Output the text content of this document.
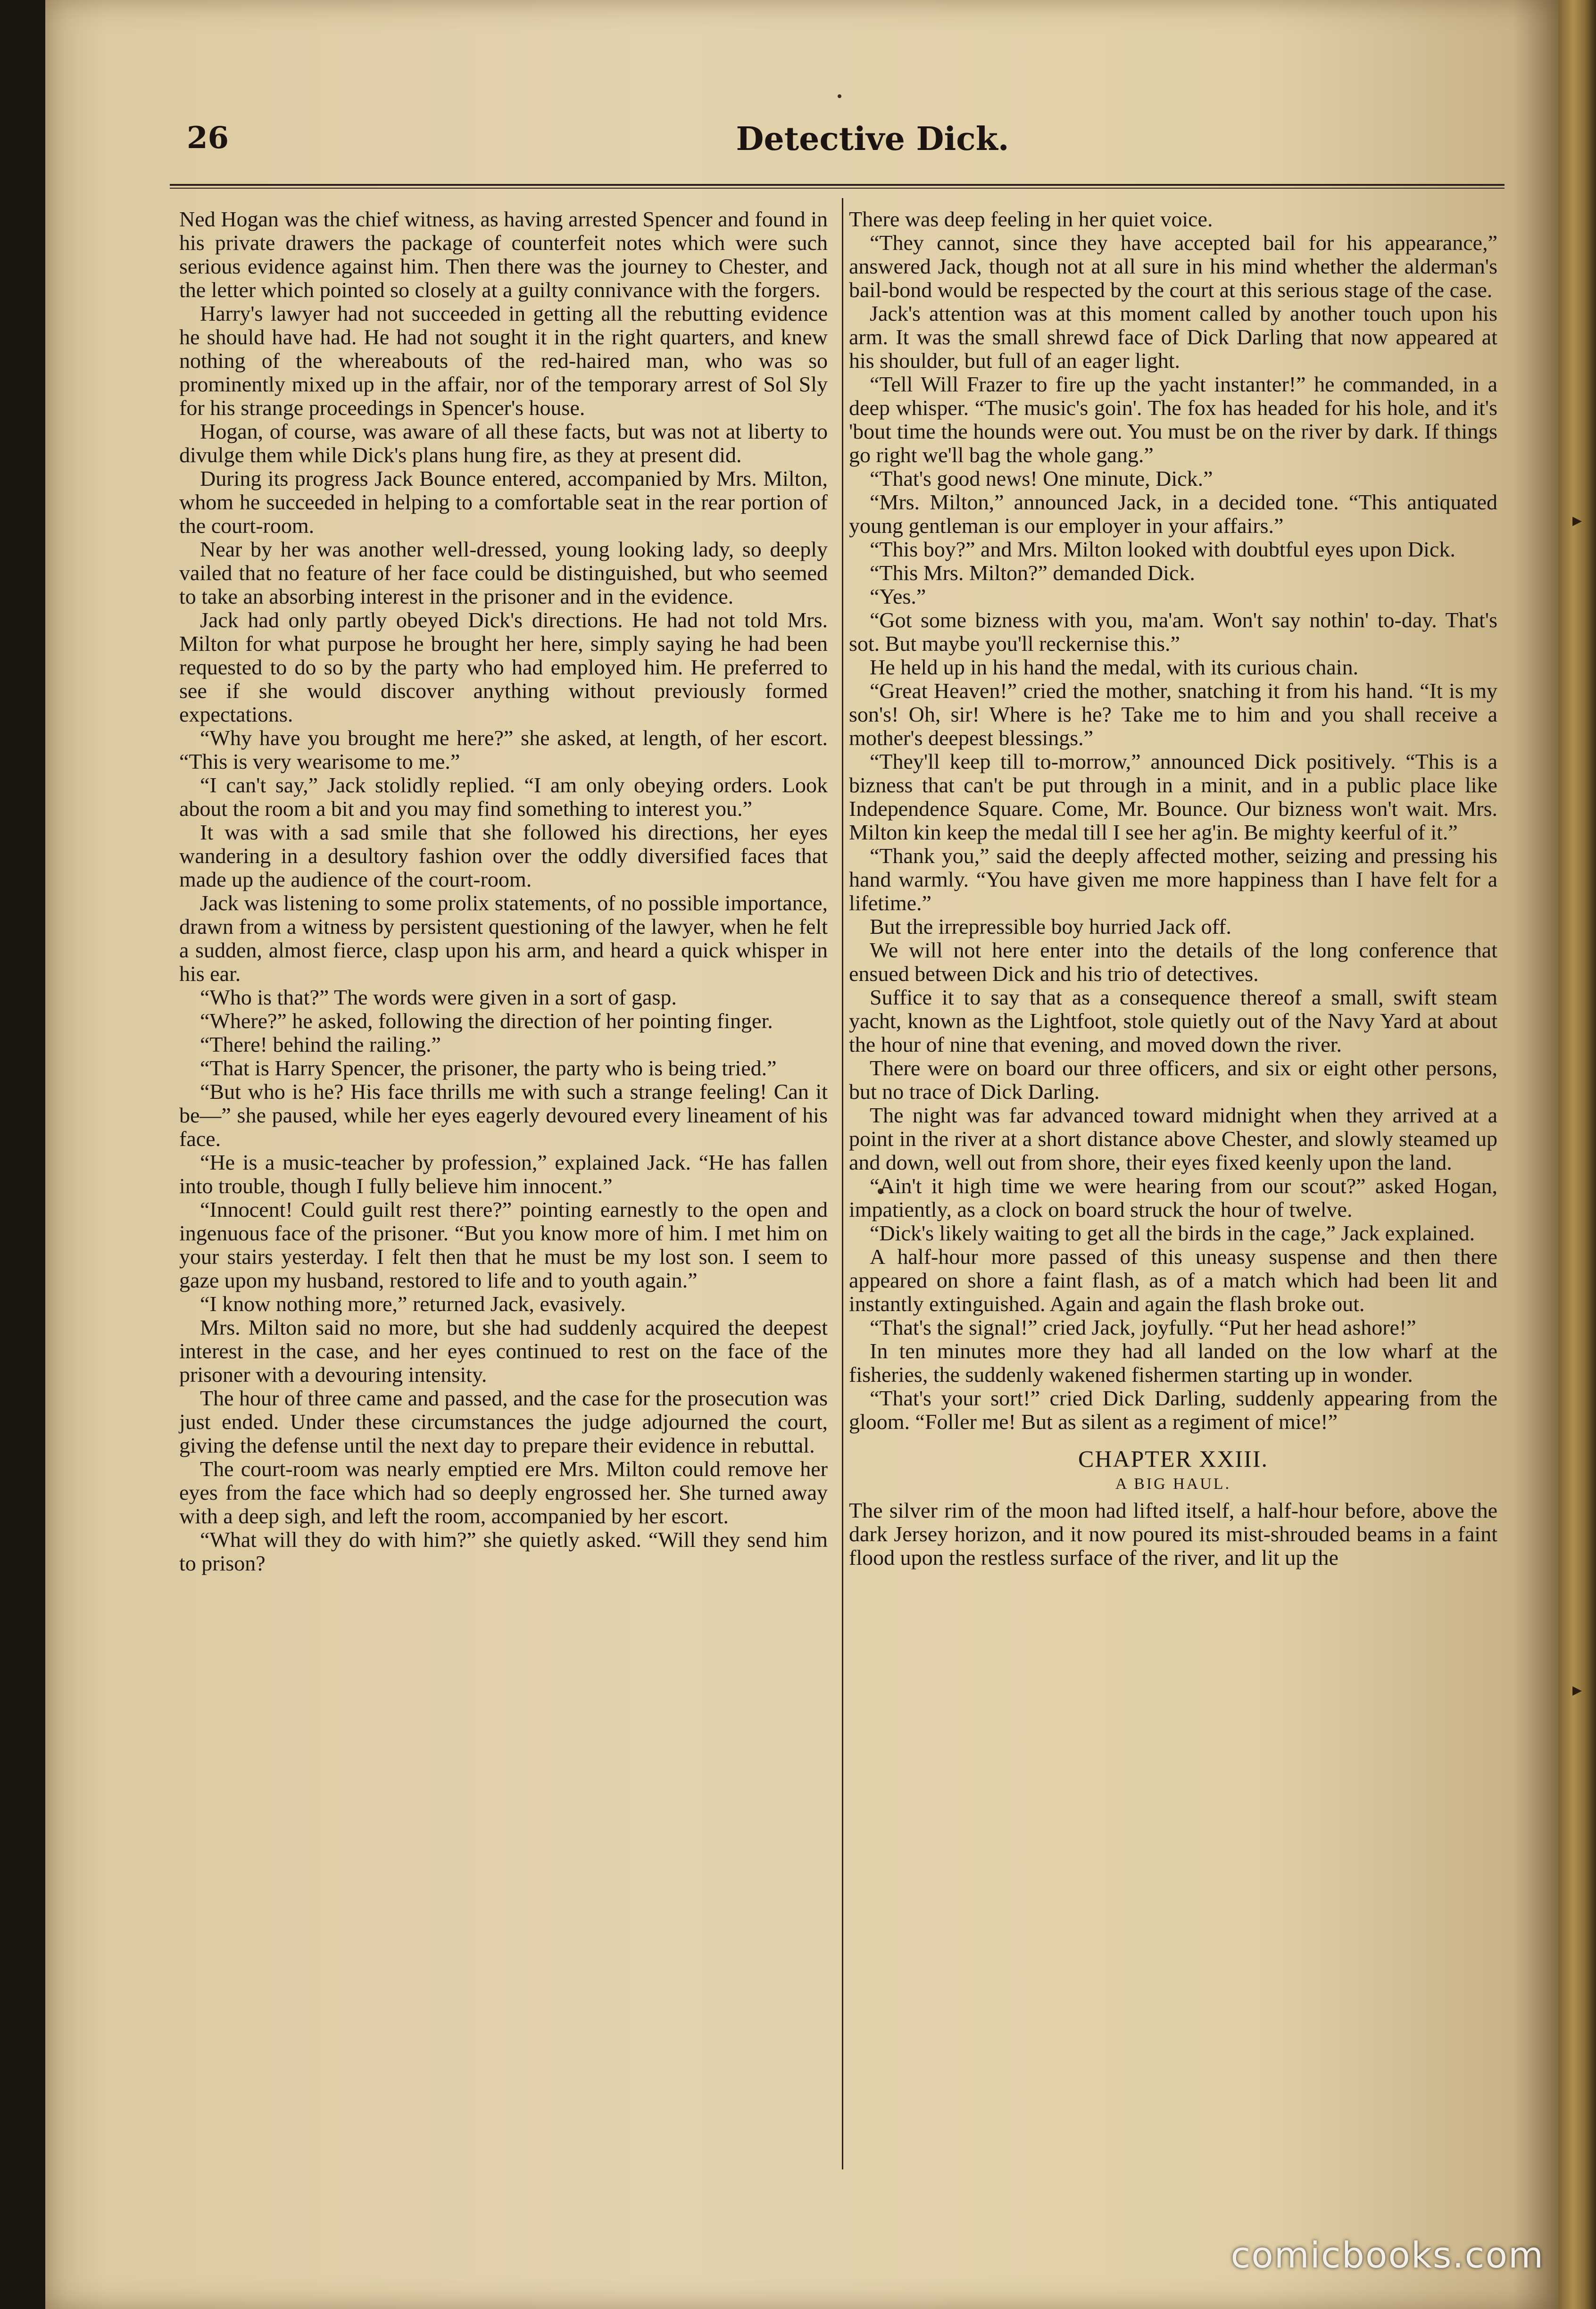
▸
▸
26	Detective Dick.

Ned Hogan was the chief witness, as having arrested Spencer and found in his private drawers the package of counterfeit notes which were such serious evidence against him. Then there was the journey to Chester, and the letter which pointed so closely at a guilty connivance with the forgers.

Harry's lawyer had not succeeded in getting all the rebutting evidence he should have had. He had not sought it in the right quarters, and knew nothing of the whereabouts of the red-haired man, who was so prominently mixed up in the affair, nor of the temporary arrest of Sol Sly for his strange proceedings in Spencer's house.

Hogan, of course, was aware of all these facts, but was not at liberty to divulge them while Dick's plans hung fire, as they at present did.

During its progress Jack Bounce entered, accompanied by Mrs. Milton, whom he succeeded in helping to a comfortable seat in the rear portion of the court-room.

Near by her was another well-dressed, young looking lady, so deeply vailed that no feature of her face could be distinguished, but who seemed to take an absorbing interest in the prisoner and in the evidence.

Jack had only partly obeyed Dick's directions. He had not told Mrs. Milton for what purpose he brought her here, simply saying he had been requested to do so by the party who had employed him. He preferred to see if she would discover anything without previously formed expectations.

“Why have you brought me here?” she asked, at length, of her escort. “This is very wearisome to me.”

“I can't say,” Jack stolidly replied. “I am only obeying orders. Look about the room a bit and you may find something to interest you.”

It was with a sad smile that she followed his directions, her eyes wandering in a desultory fashion over the oddly diversified faces that made up the audience of the court-room.

Jack was listening to some prolix statements, of no possible importance, drawn from a witness by persistent questioning of the lawyer, when he felt a sudden, almost fierce, clasp upon his arm, and heard a quick whisper in his ear.

“Who is that?” The words were given in a sort of gasp.

“Where?” he asked, following the direction of her pointing finger.

“There! behind the railing.”

“That is Harry Spencer, the prisoner, the party who is being tried.”

“But who is he? His face thrills me with such a strange feeling! Can it be—” she paused, while her eyes eagerly devoured every lineament of his face.

“He is a music-teacher by profession,” explained Jack. “He has fallen into trouble, though I fully believe him innocent.”

“Innocent! Could guilt rest there?” pointing earnestly to the open and ingenuous face of the prisoner. “But you know more of him. I met him on your stairs yesterday. I felt then that he must be my lost son. I seem to gaze upon my husband, restored to life and to youth again.”

“I know nothing more,” returned Jack, evasively.

Mrs. Milton said no more, but she had suddenly acquired the deepest interest in the case, and her eyes continued to rest on the face of the prisoner with a devouring intensity.

The hour of three came and passed, and the case for the prosecution was just ended. Under these circumstances the judge adjourned the court, giving the defense until the next day to prepare their evidence in rebuttal.

The court-room was nearly emptied ere Mrs. Milton could remove her eyes from the face which had so deeply engrossed her. She turned away with a deep sigh, and left the room, accompanied by her escort.

“What will they do with him?” she quietly asked. “Will they send him to prison?

There was deep feeling in her quiet voice.

“They cannot, since they have accepted bail for his appearance,” answered Jack, though not at all sure in his mind whether the alderman's bail-bond would be respected by the court at this serious stage of the case.

Jack's attention was at this moment called by another touch upon his arm. It was the small shrewd face of Dick Darling that now appeared at his shoulder, but full of an eager light.

“Tell Will Frazer to fire up the yacht instanter!” he commanded, in a deep whisper. “The music's goin'. The fox has headed for his hole, and it's 'bout time the hounds were out. You must be on the river by dark. If things go right we'll bag the whole gang.”

“That's good news! One minute, Dick.”

“Mrs. Milton,” announced Jack, in a decided tone. “This antiquated young gentleman is our employer in your affairs.”

“This boy?” and Mrs. Milton looked with doubtful eyes upon Dick.

“This Mrs. Milton?” demanded Dick.

“Yes.”

“Got some bizness with you, ma'am. Won't say nothin' to-day. That's sot. But maybe you'll reckernise this.”

He held up in his hand the medal, with its curious chain.

“Great Heaven!” cried the mother, snatching it from his hand. “It is my son's! Oh, sir! Where is he? Take me to him and you shall receive a mother's deepest blessings.”

“They'll keep till to-morrow,” announced Dick positively. “This is a bizness that can't be put through in a minit, and in a public place like Independence Square. Come, Mr. Bounce. Our bizness won't wait. Mrs. Milton kin keep the medal till I see her ag'in. Be mighty keerful of it.”

“Thank you,” said the deeply affected mother, seizing and pressing his hand warmly. “You have given me more happiness than I have felt for a lifetime.”

But the irrepressible boy hurried Jack off.

We will not here enter into the details of the long conference that ensued between Dick and his trio of detectives.

Suffice it to say that as a consequence thereof a small, swift steam yacht, known as the Lightfoot, stole quietly out of the Navy Yard at about the hour of nine that evening, and moved down the river.

There were on board our three officers, and six or eight other persons, but no trace of Dick Darling.

The night was far advanced toward midnight when they arrived at a point in the river at a short distance above Chester, and slowly steamed up and down, well out from shore, their eyes fixed keenly upon the land.

“Ain't it high time we were hearing from our scout?” asked Hogan, impatiently, as a clock on board struck the hour of twelve.

“Dick's likely waiting to get all the birds in the cage,” Jack explained.

A half-hour more passed of this uneasy suspense and then there appeared on shore a faint flash, as of a match which had been lit and instantly extinguished. Again and again the flash broke out.

“That's the signal!” cried Jack, joyfully. “Put her head ashore!”

In ten minutes more they had all landed on the low wharf at the fisheries, the suddenly wakened fishermen starting up in wonder.

“That's your sort!” cried Dick Darling, suddenly appearing from the gloom. “Foller me! But as silent as a regiment of mice!”

CHAPTER XXIII.
A BIG HAUL.

The silver rim of the moon had lifted itself, a half-hour before, above the dark Jersey horizon, and it now poured its mist-shrouded beams in a faint flood upon the restless surface of the river, and lit up the

comicbooks.com
